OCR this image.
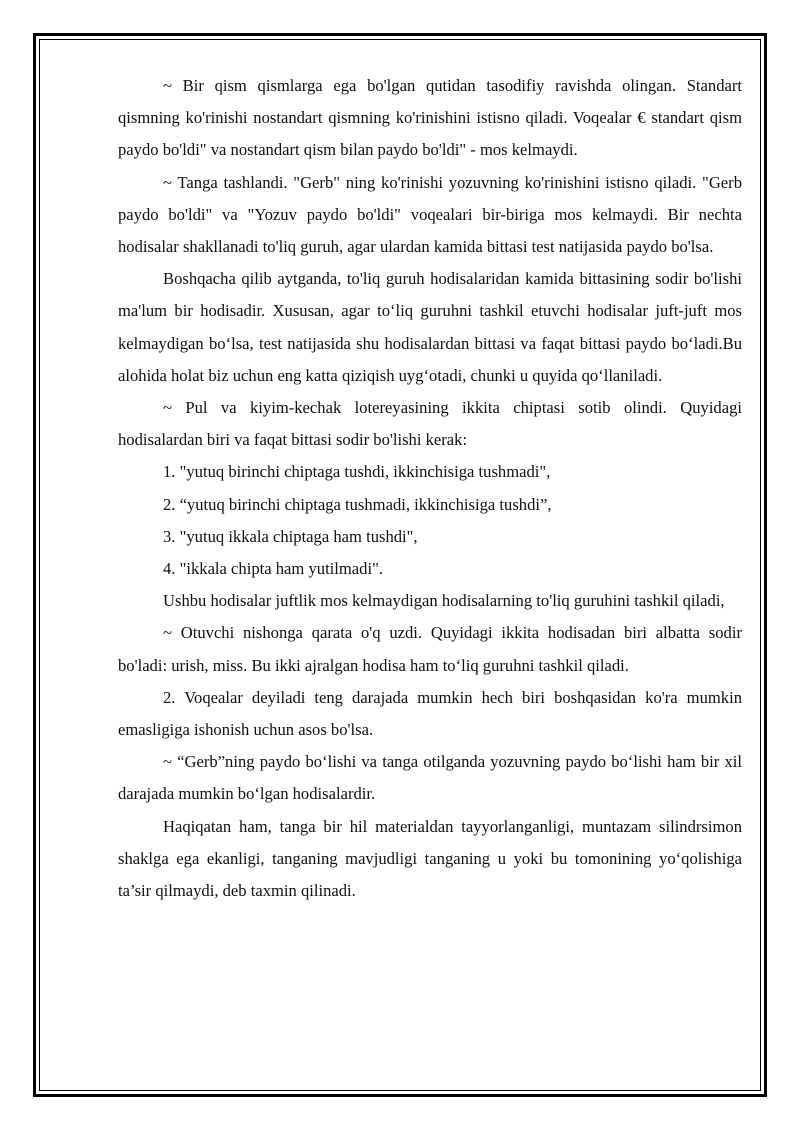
~ Bir qism qismlarga ega bo'lgan qutidan tasodifiy ravishda olingan. Standart qismning ko'rinishi nostandart qismning ko'rinishini istisno qiladi. Voqealar € standart qism paydo bo'ldi" va nostandart qism bilan paydo bo'ldi" - mos kelmaydi.

~ Tanga tashlandi. "Gerb" ning ko'rinishi yozuvning ko'rinishini istisno qiladi. "Gerb paydo bo'ldi" va "Yozuv paydo bo'ldi" voqealari bir-biriga mos kelmaydi. Bir nechta hodisalar shakllanadi to'liq guruh, agar ulardan kamida bittasi test natijasida paydo bo'lsa.

Boshqacha qilib aytganda, to'liq guruh hodisalaridan kamida bittasining sodir bo'lishi ma'lum bir hodisadir. Xususan, agar to‘liq guruhni tashkil etuvchi hodisalar juft-juft mos kelmaydigan bo‘lsa, test natijasida shu hodisalardan bittasi va faqat bittasi paydo bo‘ladi.Bu alohida holat biz uchun eng katta qiziqish uyg‘otadi, chunki u quyida qo‘llaniladi.

~ Pul va kiyim-kechak lotereyasining ikkita chiptasi sotib olindi. Quyidagi hodisalardan biri va faqat bittasi sodir bo'lishi kerak:

1. "yutuq birinchi chiptaga tushdi, ikkinchisiga tushmadi",

2. “yutuq birinchi chiptaga tushmadi, ikkinchisiga tushdi”,

3. "yutuq ikkala chiptaga ham tushdi",

4. "ikkala chipta ham yutilmadi".

Ushbu hodisalar juftlik mos kelmaydigan hodisalarning to'liq guruhini tashkil qiladi,

~ Otuvchi nishonga qarata o'q uzdi. Quyidagi ikkita hodisadan biri albatta sodir bo'ladi: urish, miss. Bu ikki ajralgan hodisa ham to‘liq guruhni tashkil qiladi.

2. Voqealar deyiladi teng darajada mumkin hech biri boshqasidan ko'ra mumkin emasligiga ishonish uchun asos bo'lsa.

~ “Gerb”ning paydo bo‘lishi va tanga otilganda yozuvning paydo bo‘lishi ham bir xil darajada mumkin bo‘lgan hodisalardir.

Haqiqatan ham, tanga bir hil materialdan tayyorlanganligi, muntazam silindrsimon shaklga ega ekanligi, tanganing mavjudligi tanganing u yoki bu tomonining yo‘qolishiga ta’sir qilmaydi, deb taxmin qilinadi.
